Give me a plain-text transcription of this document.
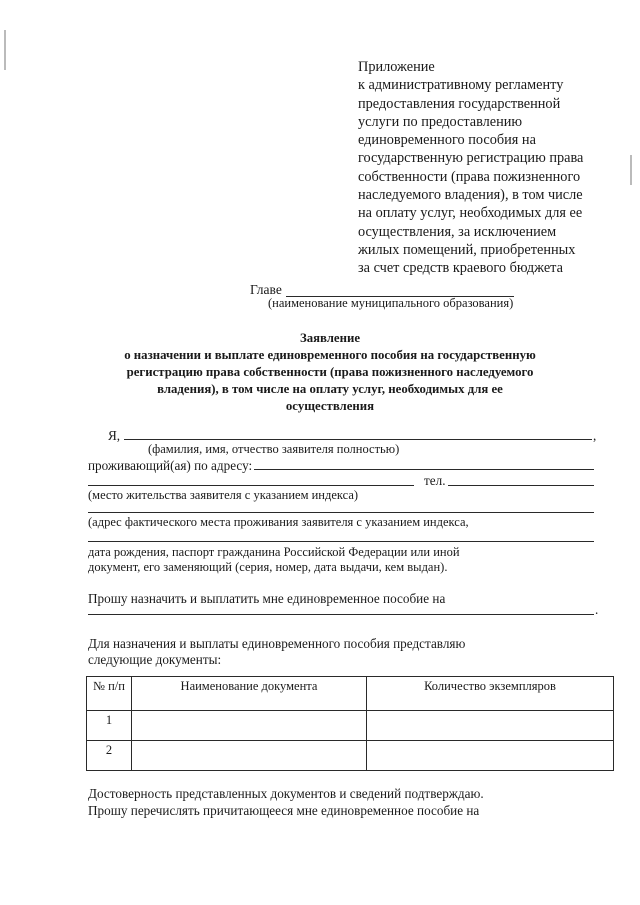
Приложение
к административному регламенту
предоставления государственной
услуги по предоставлению
единовременного пособия на
государственную регистрацию права
собственности (права пожизненного
наследуемого владения), в том числе
на оплату услуг, необходимых для ее
осуществления, за исключением
жилых помещений, приобретенных
за счет средств краевого бюджета
Главе
(наименование муниципального образования)
Заявление
о назначении и выплате единовременного пособия на государственную
регистрацию права собственности (права пожизненного наследуемого
владения), в том числе на оплату услуг, необходимых для ее
осуществления
Я,	,
(фамилия, имя, отчество заявителя полностью)
проживающий(ая) по адресу:
тел.
(место жительства заявителя с указанием индекса)
(адрес фактического места проживания заявителя с указанием индекса,
дата рождения, паспорт гражданина Российской Федерации или иной
документ, его заменяющий (серия, номер, дата выдачи, кем выдан).
Прошу назначить и выплатить мне единовременное пособие на
.
Для назначения и выплаты единовременного пособия представляю
следующие документы:
№ п/п	Наименование документа	Количество экземпляров
1		
2		
Достоверность представленных документов и сведений подтверждаю.
Прошу перечислять причитающееся мне единовременное пособие на
